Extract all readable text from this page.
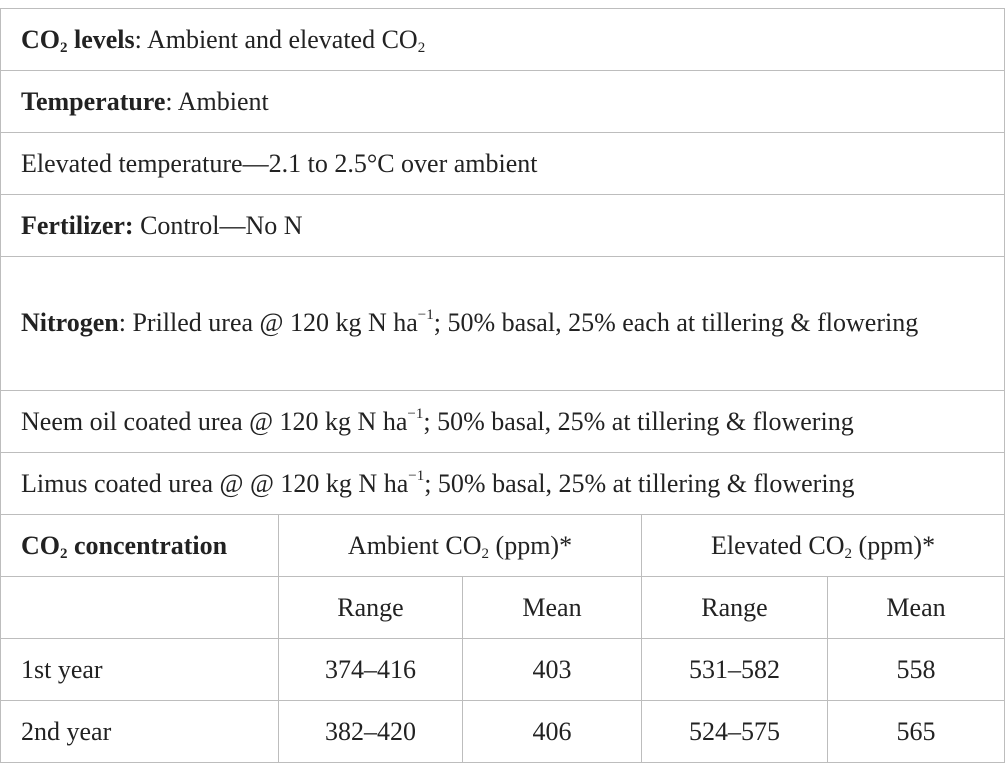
$CO_2$ levels: Ambient and elevated $CO_2$
Temperature: Ambient				
Elevated temperature—2.1 to 2.5°C over ambient				
Fertilizer: Control—No N				
Nitrogen: Prilled urea @ 120 kg N $ha^{-1}$; 50% basal, 25% each at tillering & flowering				
Neem oil coated urea @ 120 kg N $ha^{-1}$; 50% basal, 25% at tillering & flowering				
Limus coated urea @ @ 120 kg N $ha^{-1}$; 50% basal, 25% at tillering & flowering				
$CO_2$ concentration	Ambient $CO_2$ (ppm)*		Elevated $CO_2$ (ppm)*	
	Range	Mean	Range	Mean
1st year	374–416	403	531–582	558
2nd year	382–420	406	524–575	565
